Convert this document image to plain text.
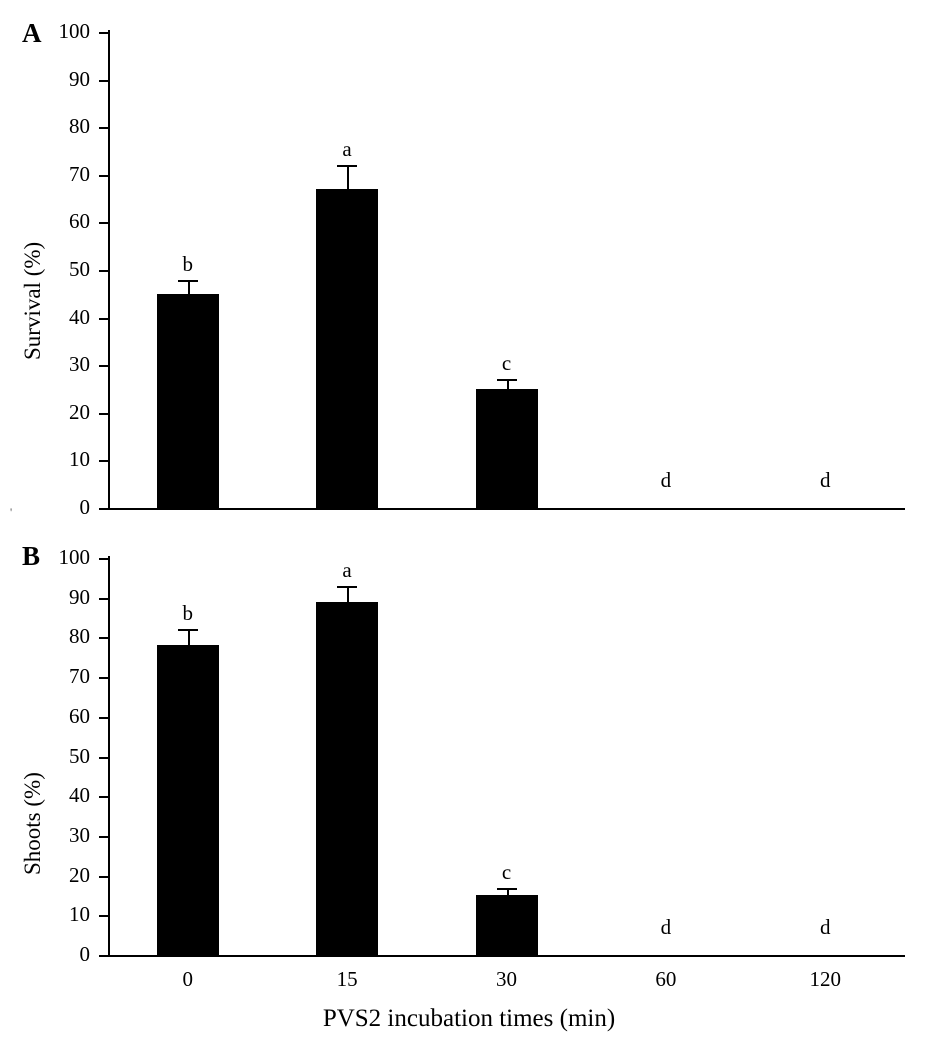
A
Survival (%)
0
10
20
30
40
50
60
70
80
90
100
b
a
c
d	d
B
Shoots (%)
0
10
20
30
40
50
60
70
80
90
100
b
0
a
15
c
30
d
60
d
120
PVS2 incubation times (min)
'
